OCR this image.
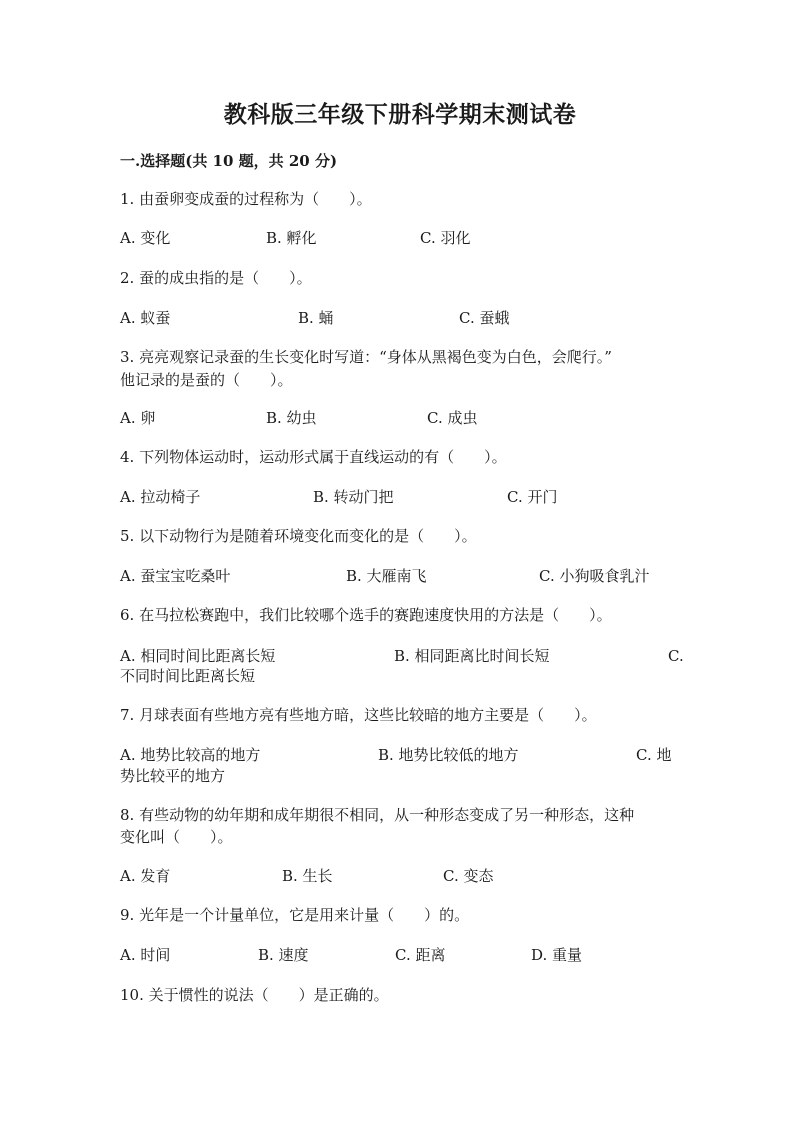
教科版三年级下册科学期末测试卷
一.选择题(共 10 题，共 20 分)
1. 由蚕卵变成蚕的过程称为（　　）。
A. 变化	B. 孵化	C. 羽化
2. 蚕的成虫指的是（　　）。
A. 蚁蚕	B. 蛹	C. 蚕蛾
3. 亮亮观察记录蚕的生长变化时写道：“身体从黑褐色变为白色，会爬行。”
他记录的是蚕的（　　）。
A. 卵	B. 幼虫	C. 成虫
4. 下列物体运动时，运动形式属于直线运动的有（　　）。
A. 拉动椅子	B. 转动门把	C. 开门
5. 以下动物行为是随着环境变化而变化的是（　　）。
A. 蚕宝宝吃桑叶	B. 大雁南飞	C. 小狗吸食乳汁
6. 在马拉松赛跑中，我们比较哪个选手的赛跑速度快用的方法是（　　）。
A. 相同时间比距离长短	B. 相同距离比时间长短	C.
不同时间比距离长短
7. 月球表面有些地方亮有些地方暗，这些比较暗的地方主要是（　　）。
A. 地势比较高的地方	B. 地势比较低的地方	C. 地
势比较平的地方
8. 有些动物的幼年期和成年期很不相同，从一种形态变成了另一种形态，这种
变化叫（　　）。
A. 发育	B. 生长	C. 变态
9. 光年是一个计量单位，它是用来计量（　　）的。
A. 时间	B. 速度	C. 距离	D. 重量
10. 关于惯性的说法（　　）是正确的。
